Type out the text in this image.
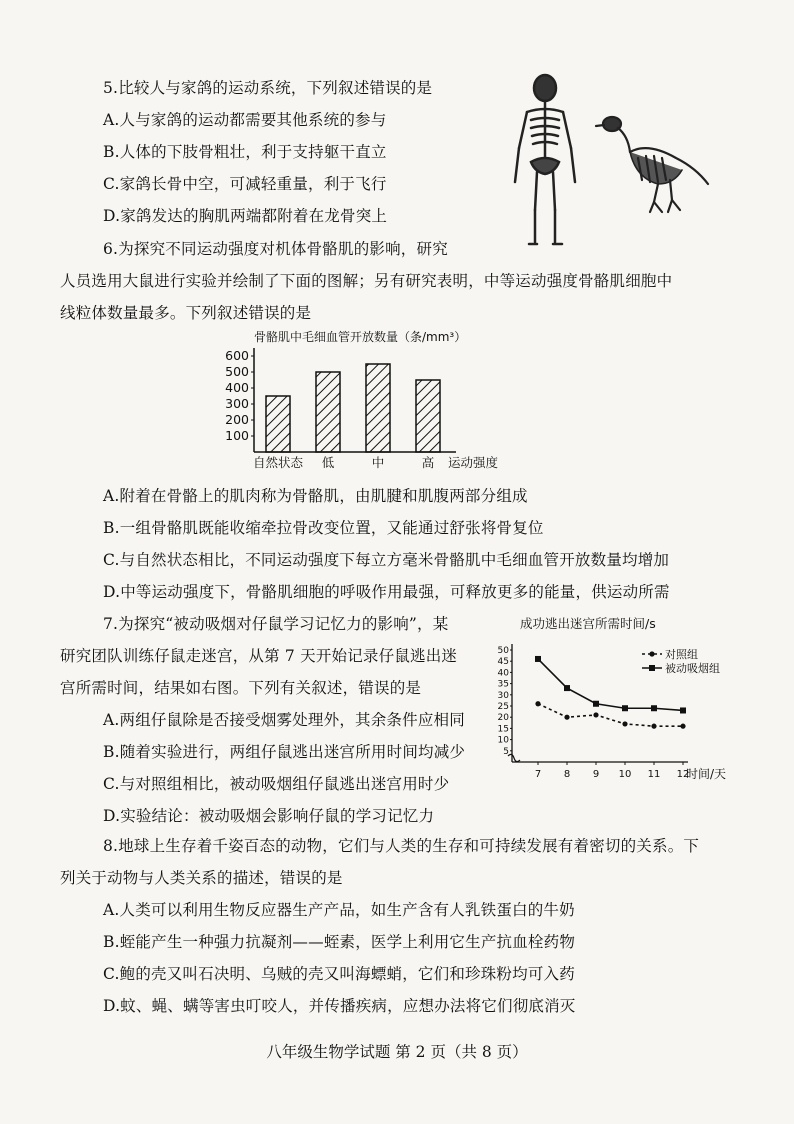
5.比较人与家鸽的运动系统，下列叙述错误的是
A.人与家鸽的运动都需要其他系统的参与
B.人体的下肢骨粗壮，利于支持躯干直立
C.家鸽长骨中空，可减轻重量，利于飞行
D.家鸽发达的胸肌两端都附着在龙骨突上
6.为探究不同运动强度对机体骨骼肌的影响，研究
人员选用大鼠进行实验并绘制了下面的图解；另有研究表明，中等运动强度骨骼肌细胞中
线粒体数量最多。下列叙述错误的是
骨骼肌中毛细血管开放数量（条/mm³）
100
200
300
400
500
600
自然状态 低	中	高 运动强度
A.附着在骨骼上的肌肉称为骨骼肌，由肌腱和肌腹两部分组成
B.一组骨骼肌既能收缩牵拉骨改变位置，又能通过舒张将骨复位
C.与自然状态相比，不同运动强度下每立方毫米骨骼肌中毛细血管开放数量均增加
D.中等运动强度下，骨骼肌细胞的呼吸作用最强，可释放更多的能量，供运动所需
7.为探究“被动吸烟对仔鼠学习记忆力的影响”，某
研究团队训练仔鼠走迷宫，从第 7 天开始记录仔鼠逃出迷
宫所需时间，结果如右图。下列有关叙述，错误的是
A.两组仔鼠除是否接受烟雾处理外，其余条件应相同
B.随着实验进行，两组仔鼠逃出迷宫所用时间均减少
C.与对照组相比，被动吸烟组仔鼠逃出迷宫用时少
D.实验结论：被动吸烟会影响仔鼠的学习记忆力
成功逃出迷宫所需时间/s
5
10
15
20
25
30
35
40
45
50
7 8 9 10 11 12
对照组
被动吸烟组
时间/天
8.地球上生存着千姿百态的动物，它们与人类的生存和可持续发展有着密切的关系。下
列关于动物与人类关系的描述，错误的是
A.人类可以利用生物反应器生产产品，如生产含有人乳铁蛋白的牛奶
B.蛭能产生一种强力抗凝剂——蛭素，医学上利用它生产抗血栓药物
C.鲍的壳又叫石决明、乌贼的壳又叫海螵蛸，它们和珍珠粉均可入药
D.蚊、蝇、螨等害虫叮咬人，并传播疾病，应想办法将它们彻底消灭
八年级生物学试题 第 2 页（共 8 页）
